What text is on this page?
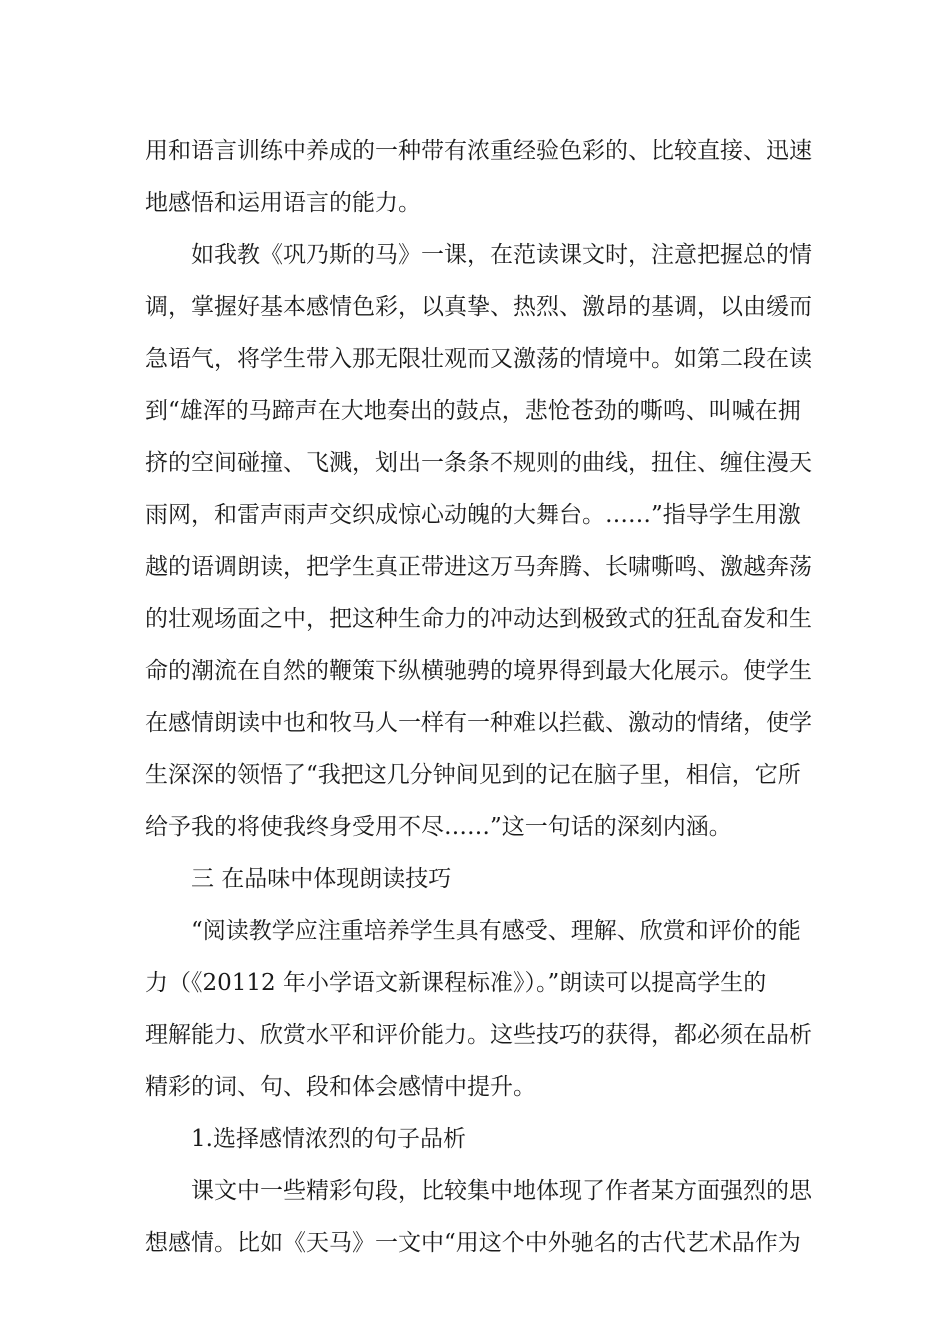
用和语言训练中养成的一种带有浓重经验色彩的、比较直接、迅速
地感悟和运用语言的能力。
如我教《巩乃斯的马》一课，在范读课文时，注意把握总的情
调，掌握好基本感情色彩，以真挚、热烈、激昂的基调，以由缓而
急语气，将学生带入那无限壮观而又激荡的情境中。如第二段在读
到“雄浑的马蹄声在大地奏出的鼓点，悲怆苍劲的嘶鸣、叫喊在拥
挤的空间碰撞、飞溅，划出一条条不规则的曲线，扭住、缠住漫天
雨网，和雷声雨声交织成惊心动魄的大舞台。……”指导学生用激
越的语调朗读，把学生真正带进这万马奔腾、长啸嘶鸣、激越奔荡
的壮观场面之中，把这种生命力的冲动达到极致式的狂乱奋发和生
命的潮流在自然的鞭策下纵横驰骋的境界得到最大化展示。使学生
在感情朗读中也和牧马人一样有一种难以拦截、激动的情绪，使学
生深深的领悟了“我把这几分钟间见到的记在脑子里，相信，它所
给予我的将使我终身受用不尽……”这一句话的深刻内涵。
三 在品味中体现朗读技巧
“阅读教学应注重培养学生具有感受、理解、欣赏和评价的能
力（《20112 年小学语文新课程标准》）。”朗读可以提高学生的
理解能力、欣赏水平和评价能力。这些技巧的获得，都必须在品析
精彩的词、句、段和体会感情中提升。
1.选择感情浓烈的句子品析
课文中一些精彩句段，比较集中地体现了作者某方面强烈的思
想感情。比如《天马》一文中“用这个中外驰名的古代艺术品作为
